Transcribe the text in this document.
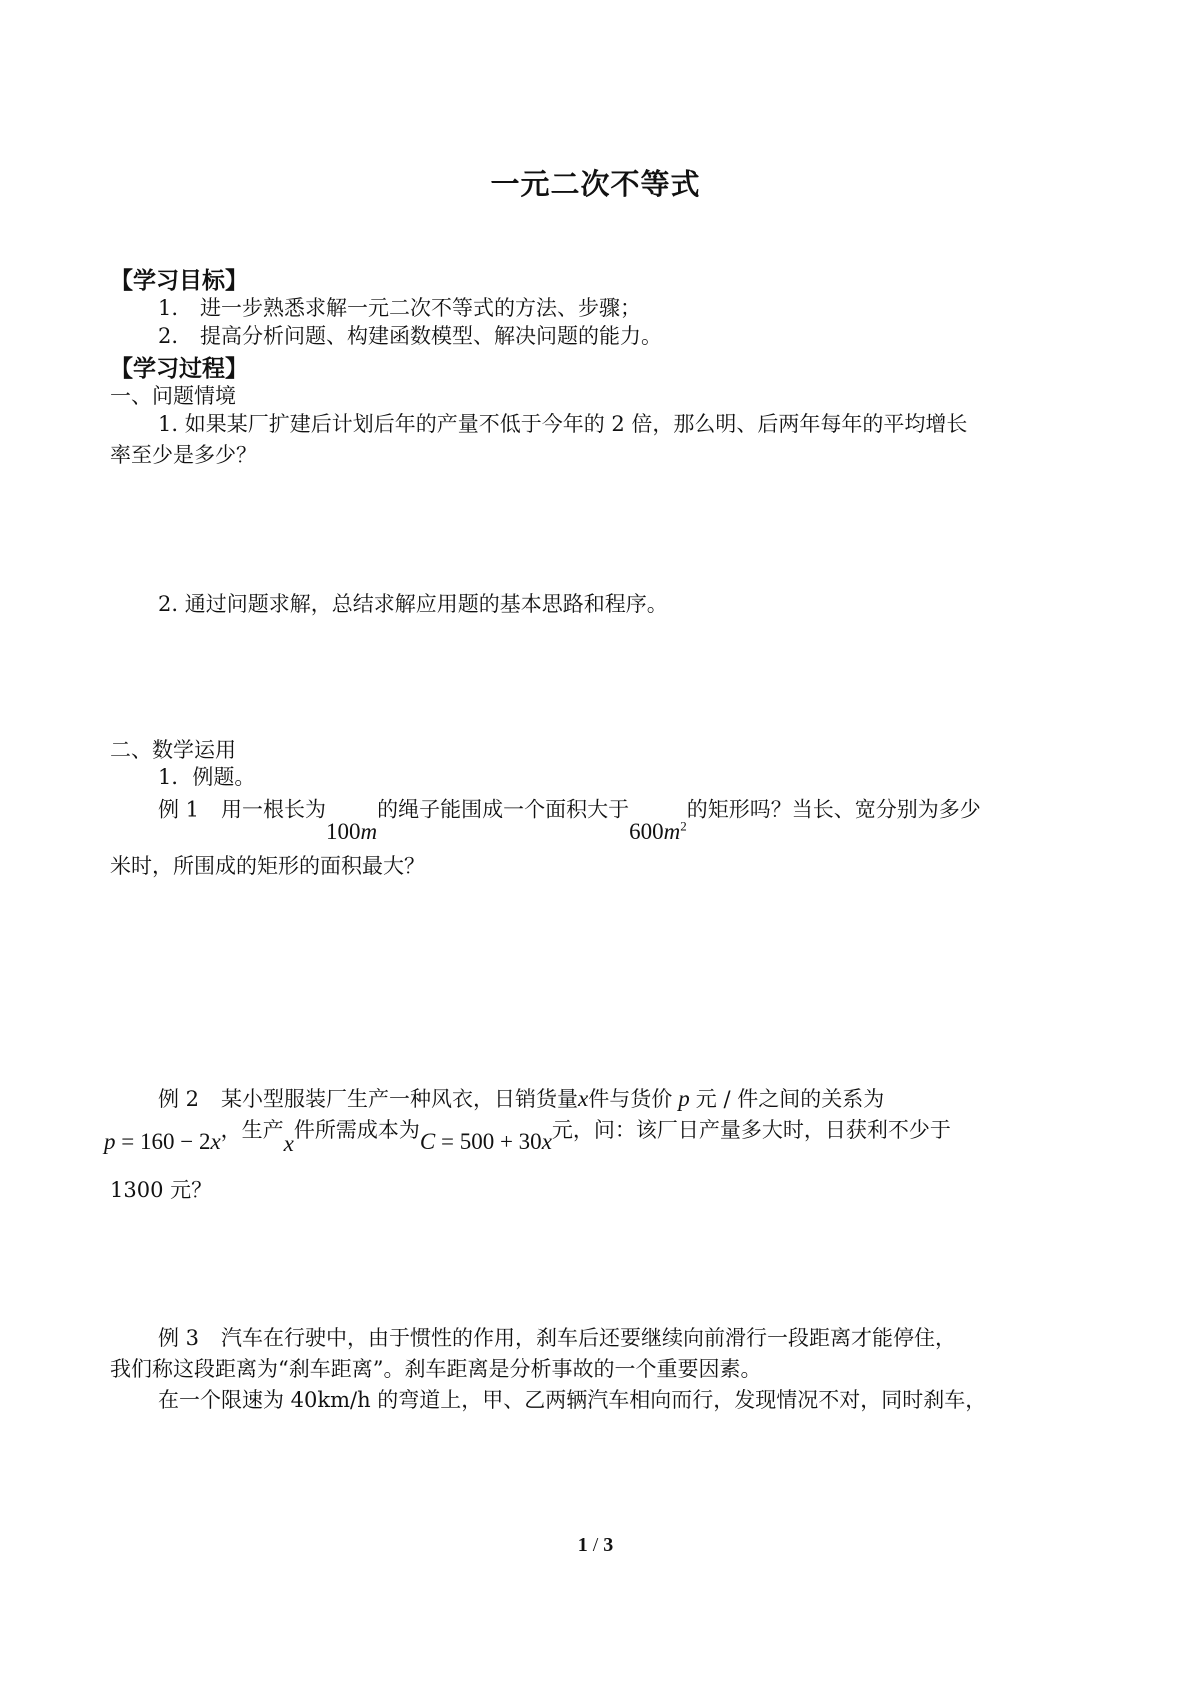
一元二次不等式
【学习目标】
1. 进一步熟悉求解一元二次不等式的方法、步骤；
2. 提高分析问题、构建函数模型、解决问题的能力。
【学习过程】
一、问题情境
1. 如果某厂扩建后计划后年的产量不低于今年的 2 倍，那么明、后两年每年的平均增长
率至少是多少？
2. 通过问题求解，总结求解应用题的基本思路和程序。
二、数学运用
1．例题。
例 1 用一根长为100m的绳子能围成一个面积大于$600m^2$的矩形吗？当长、宽分别为多少
米时，所围成的矩形的面积最大？
例 2 某小型服装厂生产一种风衣，日销货量x件与货价 p 元 / 件之间的关系为
p = 160 − 2x，生产x件所需成本为C = 500 + 30x元，问：该厂日产量多大时，日获利不少于
1300 元？
例 3 汽车在行驶中，由于惯性的作用，刹车后还要继续向前滑行一段距离才能停住，
我们称这段距离为“刹车距离”。刹车距离是分析事故的一个重要因素。
在一个限速为 40km/h 的弯道上，甲、乙两辆汽车相向而行，发现情况不对，同时刹车，
1 / 3
